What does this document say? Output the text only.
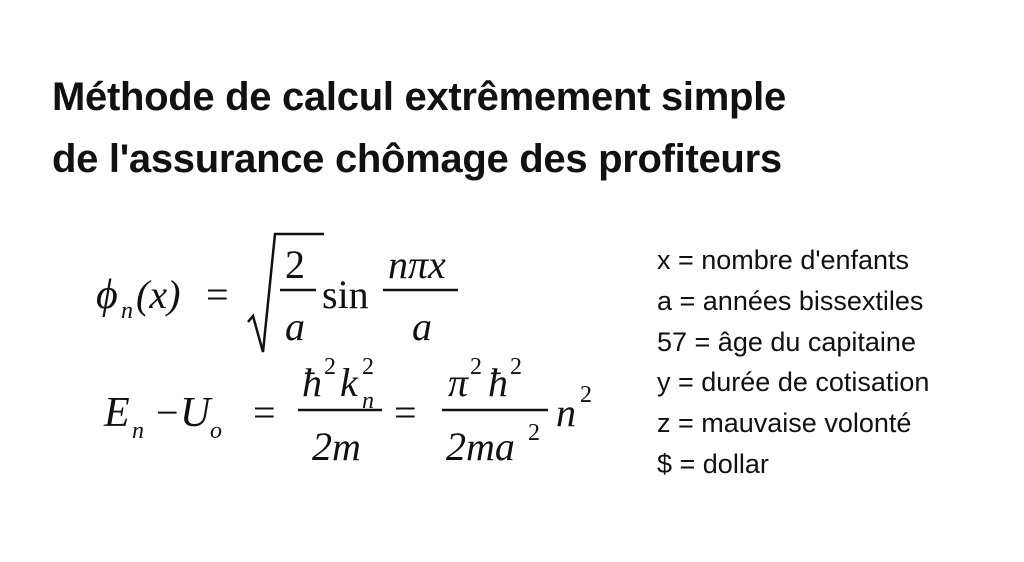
Méthode de calcul extrêmement simple
de l'assurance chômage des profiteurs
ϕ n (x) =
2
a
sin
nπx
a
E n − U o =
ħ 2 k 2
n
2m
=
π 2 ħ 2
2ma 2 n 2
x = nombre d'enfants
a = années bissextiles
57 = âge du capitaine
y = durée de cotisation
z = mauvaise volonté
$ = dollar
